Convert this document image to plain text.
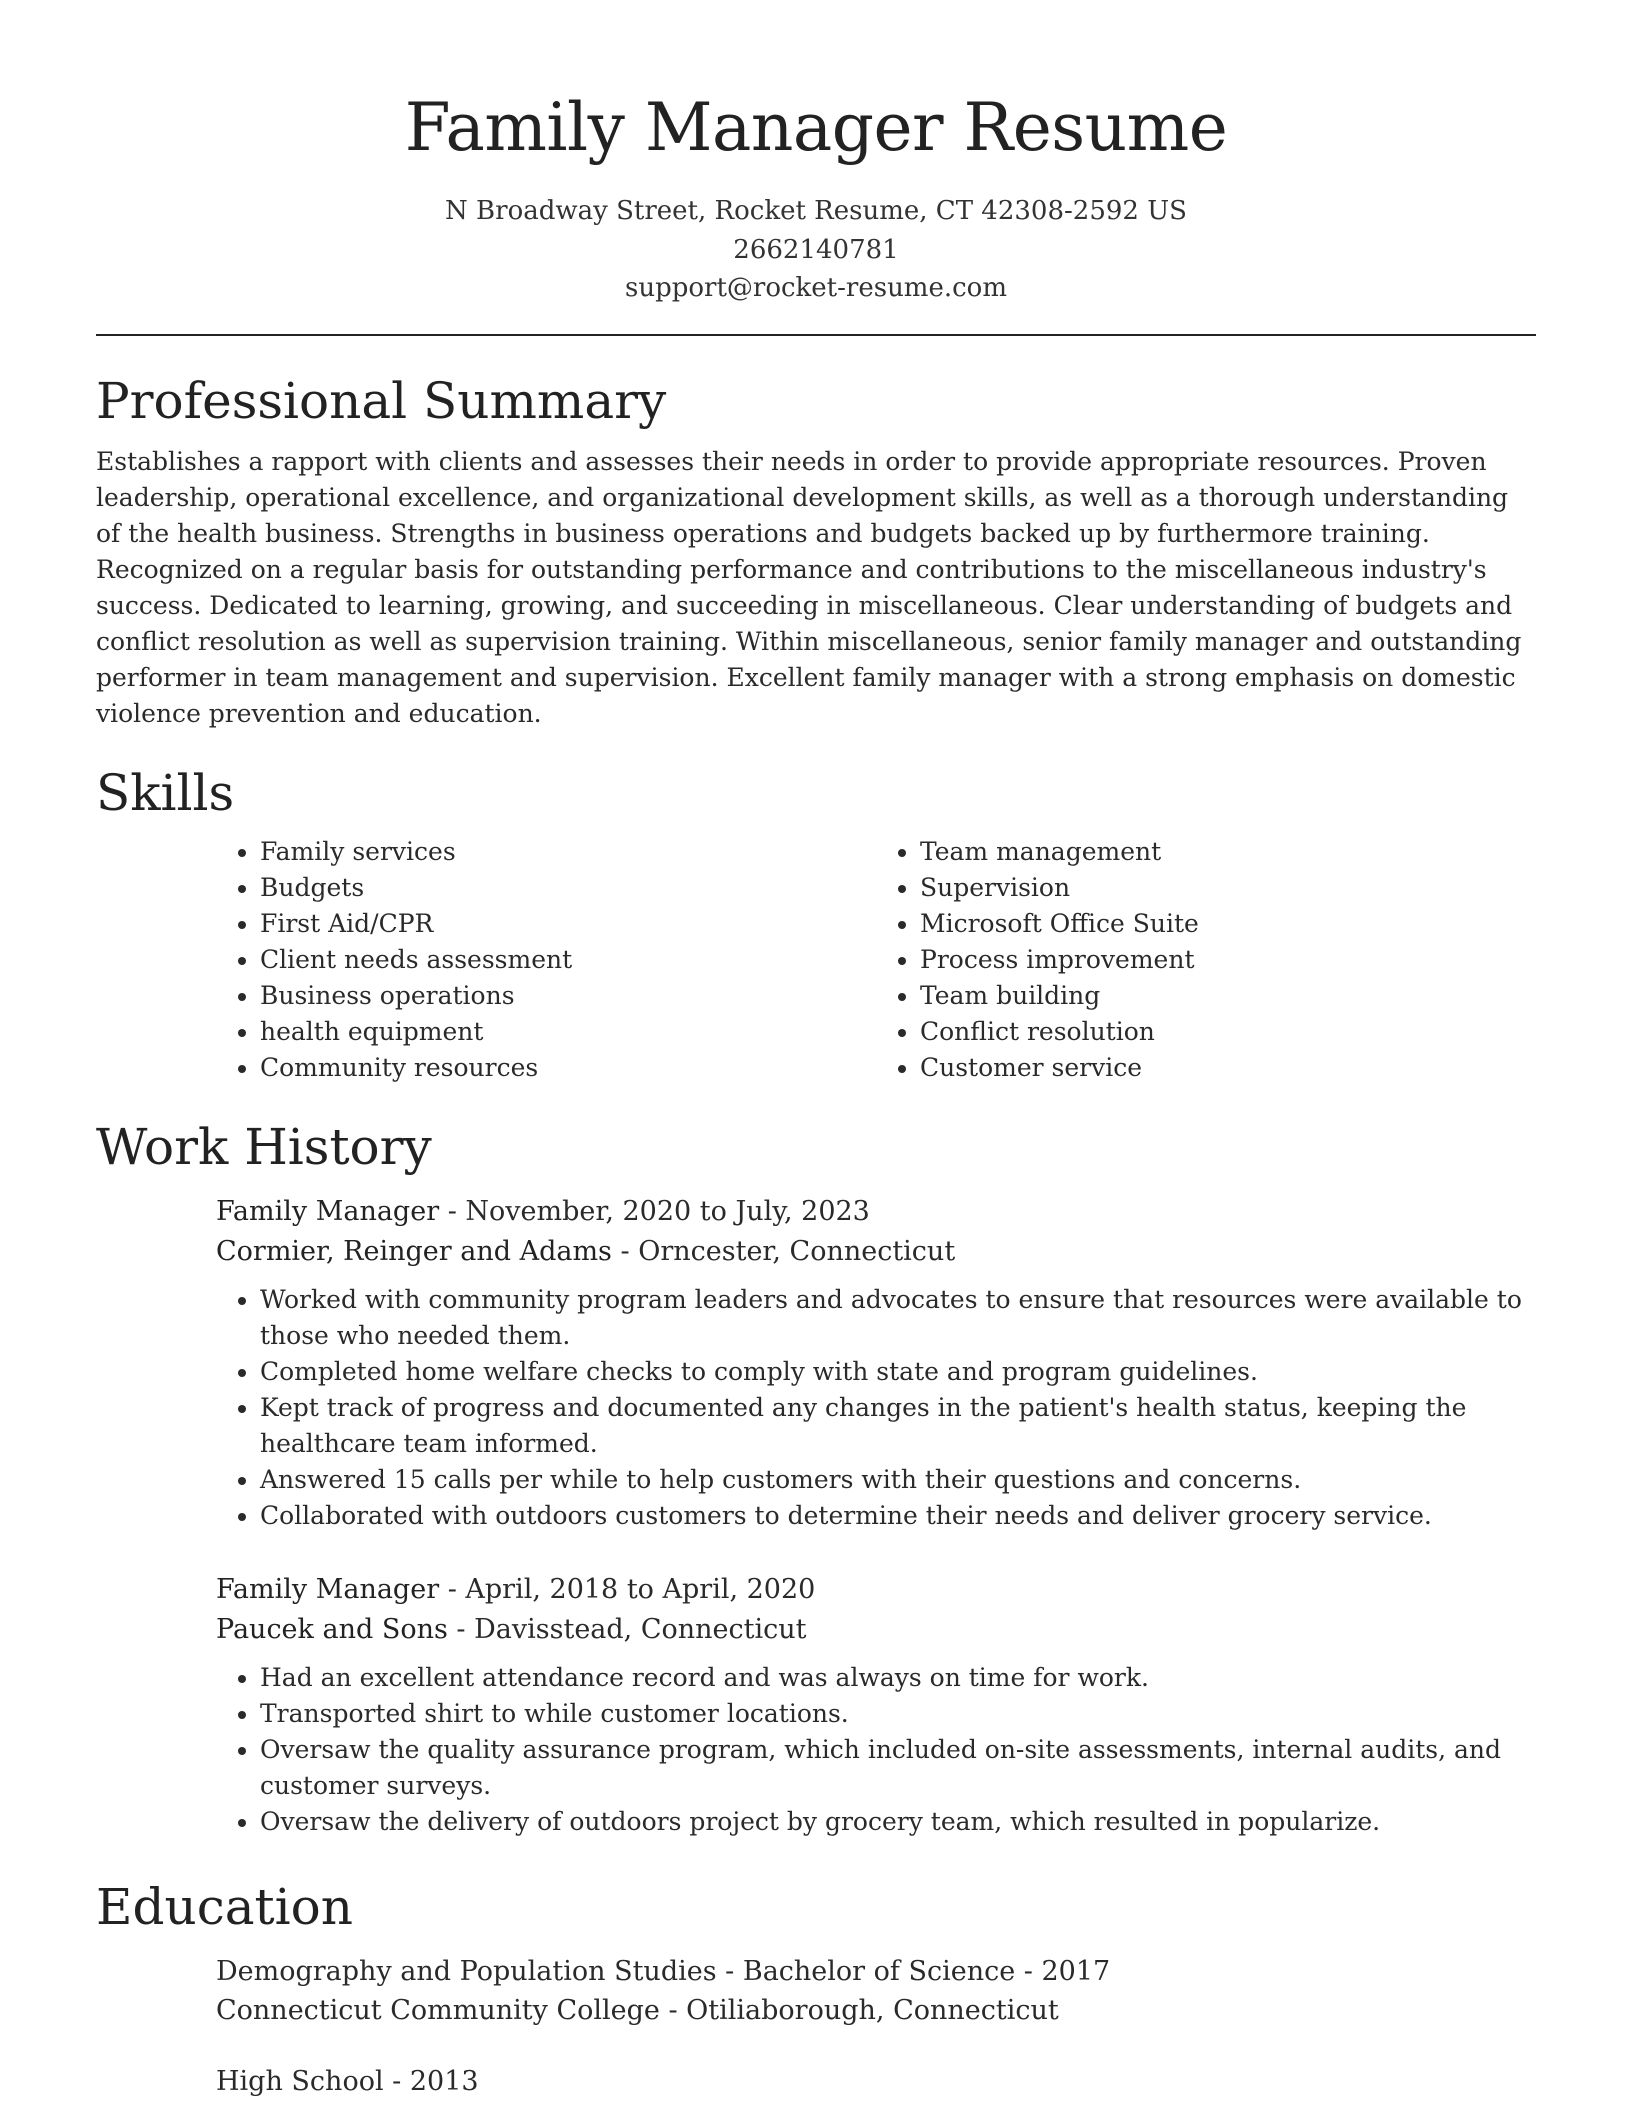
Family Manager Resume
N Broadway Street, Rocket Resume, CT 42308-2592 US
2662140781
support@rocket-resume.com
Professional Summary

Establishes a rapport with clients and assesses their needs in order to provide appropriate resources. Proven leadership, operational excellence, and organizational development skills, as well as a thorough understanding of the health business. Strengths in business operations and budgets backed up by furthermore training. Recognized on a regular basis for outstanding performance and contributions to the miscellaneous industry's success. Dedicated to learning, growing, and succeeding in miscellaneous. Clear understanding of budgets and conflict resolution as well as supervision training. Within miscellaneous, senior family manager and outstanding performer in team management and supervision. Excellent family manager with a strong emphasis on domestic violence prevention and education.

Skills
• Family services
• Budgets
• First Aid/CPR
• Client needs assessment
• Business operations
• health equipment
• Community resources
• Team management
• Supervision
• Microsoft Office Suite
• Process improvement
• Team building
• Conflict resolution
• Customer service
Work History
Family Manager - November, 2020 to July, 2023
Cormier, Reinger and Adams - Orncester, Connecticut
• Worked with community program leaders and advocates to ensure that resources were available to those who needed them.
• Completed home welfare checks to comply with state and program guidelines.
• Kept track of progress and documented any changes in the patient's health status, keeping the healthcare team informed.
• Answered 15 calls per while to help customers with their questions and concerns.
• Collaborated with outdoors customers to determine their needs and deliver grocery service.
Family Manager - April, 2018 to April, 2020
Paucek and Sons - Davisstead, Connecticut
• Had an excellent attendance record and was always on time for work.
• Transported shirt to while customer locations.
• Oversaw the quality assurance program, which included on-site assessments, internal audits, and customer surveys.
• Oversaw the delivery of outdoors project by grocery team, which resulted in popularize.
Education
Demography and Population Studies - Bachelor of Science - 2017
Connecticut Community College - Otiliaborough, Connecticut
High School - 2013
